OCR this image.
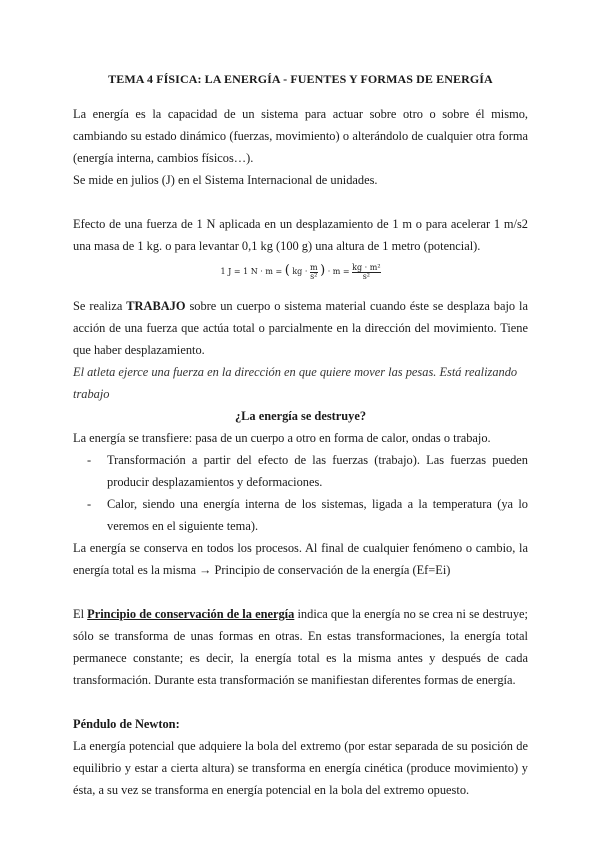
TEMA 4 FÍSICA: LA ENERGÍA - FUENTES Y FORMAS DE ENERGÍA

La energía es la capacidad de un sistema para actuar sobre otro o sobre él mismo, cambiando su estado dinámico (fuerzas, movimiento) o alterándolo de cualquier otra forma (energía interna, cambios físicos…).

Se mide en julios (J) en el Sistema Internacional de unidades.

Efecto de una fuerza de 1 N aplicada en un desplazamiento de 1 m o para acelerar 1 m/s2 una masa de 1 kg. o para levantar 0,1 kg (100 g) una altura de 1 metro (potencial).

1 J = 1 N · m = ( kg · $\frac{m}{\text{s²}}$ ) · $m = \frac{\text{kg · m²}}{\text{s²}}$

Se realiza TRABAJO sobre un cuerpo o sistema material cuando éste se desplaza bajo la acción de una fuerza que actúa total o parcialmente en la dirección del movimiento. Tiene que haber desplazamiento.

El atleta ejerce una fuerza en la dirección en que quiere mover las pesas. Está realizando trabajo

¿La energía se destruye?

La energía se transfiere: pasa de un cuerpo a otro en forma de calor, ondas o trabajo.

- Transformación a partir del efecto de las fuerzas (trabajo). Las fuerzas pueden producir desplazamientos y deformaciones.
- Calor, siendo una energía interna de los sistemas, ligada a la temperatura (ya lo veremos en el siguiente tema).

La energía se conserva en todos los procesos. Al final de cualquier fenómeno o cambio, la energía total es la misma → Principio de conservación de la energía (Ef=Ei)

El Principio de conservación de la energía indica que la energía no se crea ni se destruye; sólo se transforma de unas formas en otras. En estas transformaciones, la energía total permanece constante; es decir, la energía total es la misma antes y después de cada transformación. Durante esta transformación se manifiestan diferentes formas de energía.

Péndulo de Newton:

La energía potencial que adquiere la bola del extremo (por estar separada de su posición de equilibrio y estar a cierta altura) se transforma en energía cinética (produce movimiento) y ésta, a su vez se transforma en energía potencial en la bola del extremo opuesto.
